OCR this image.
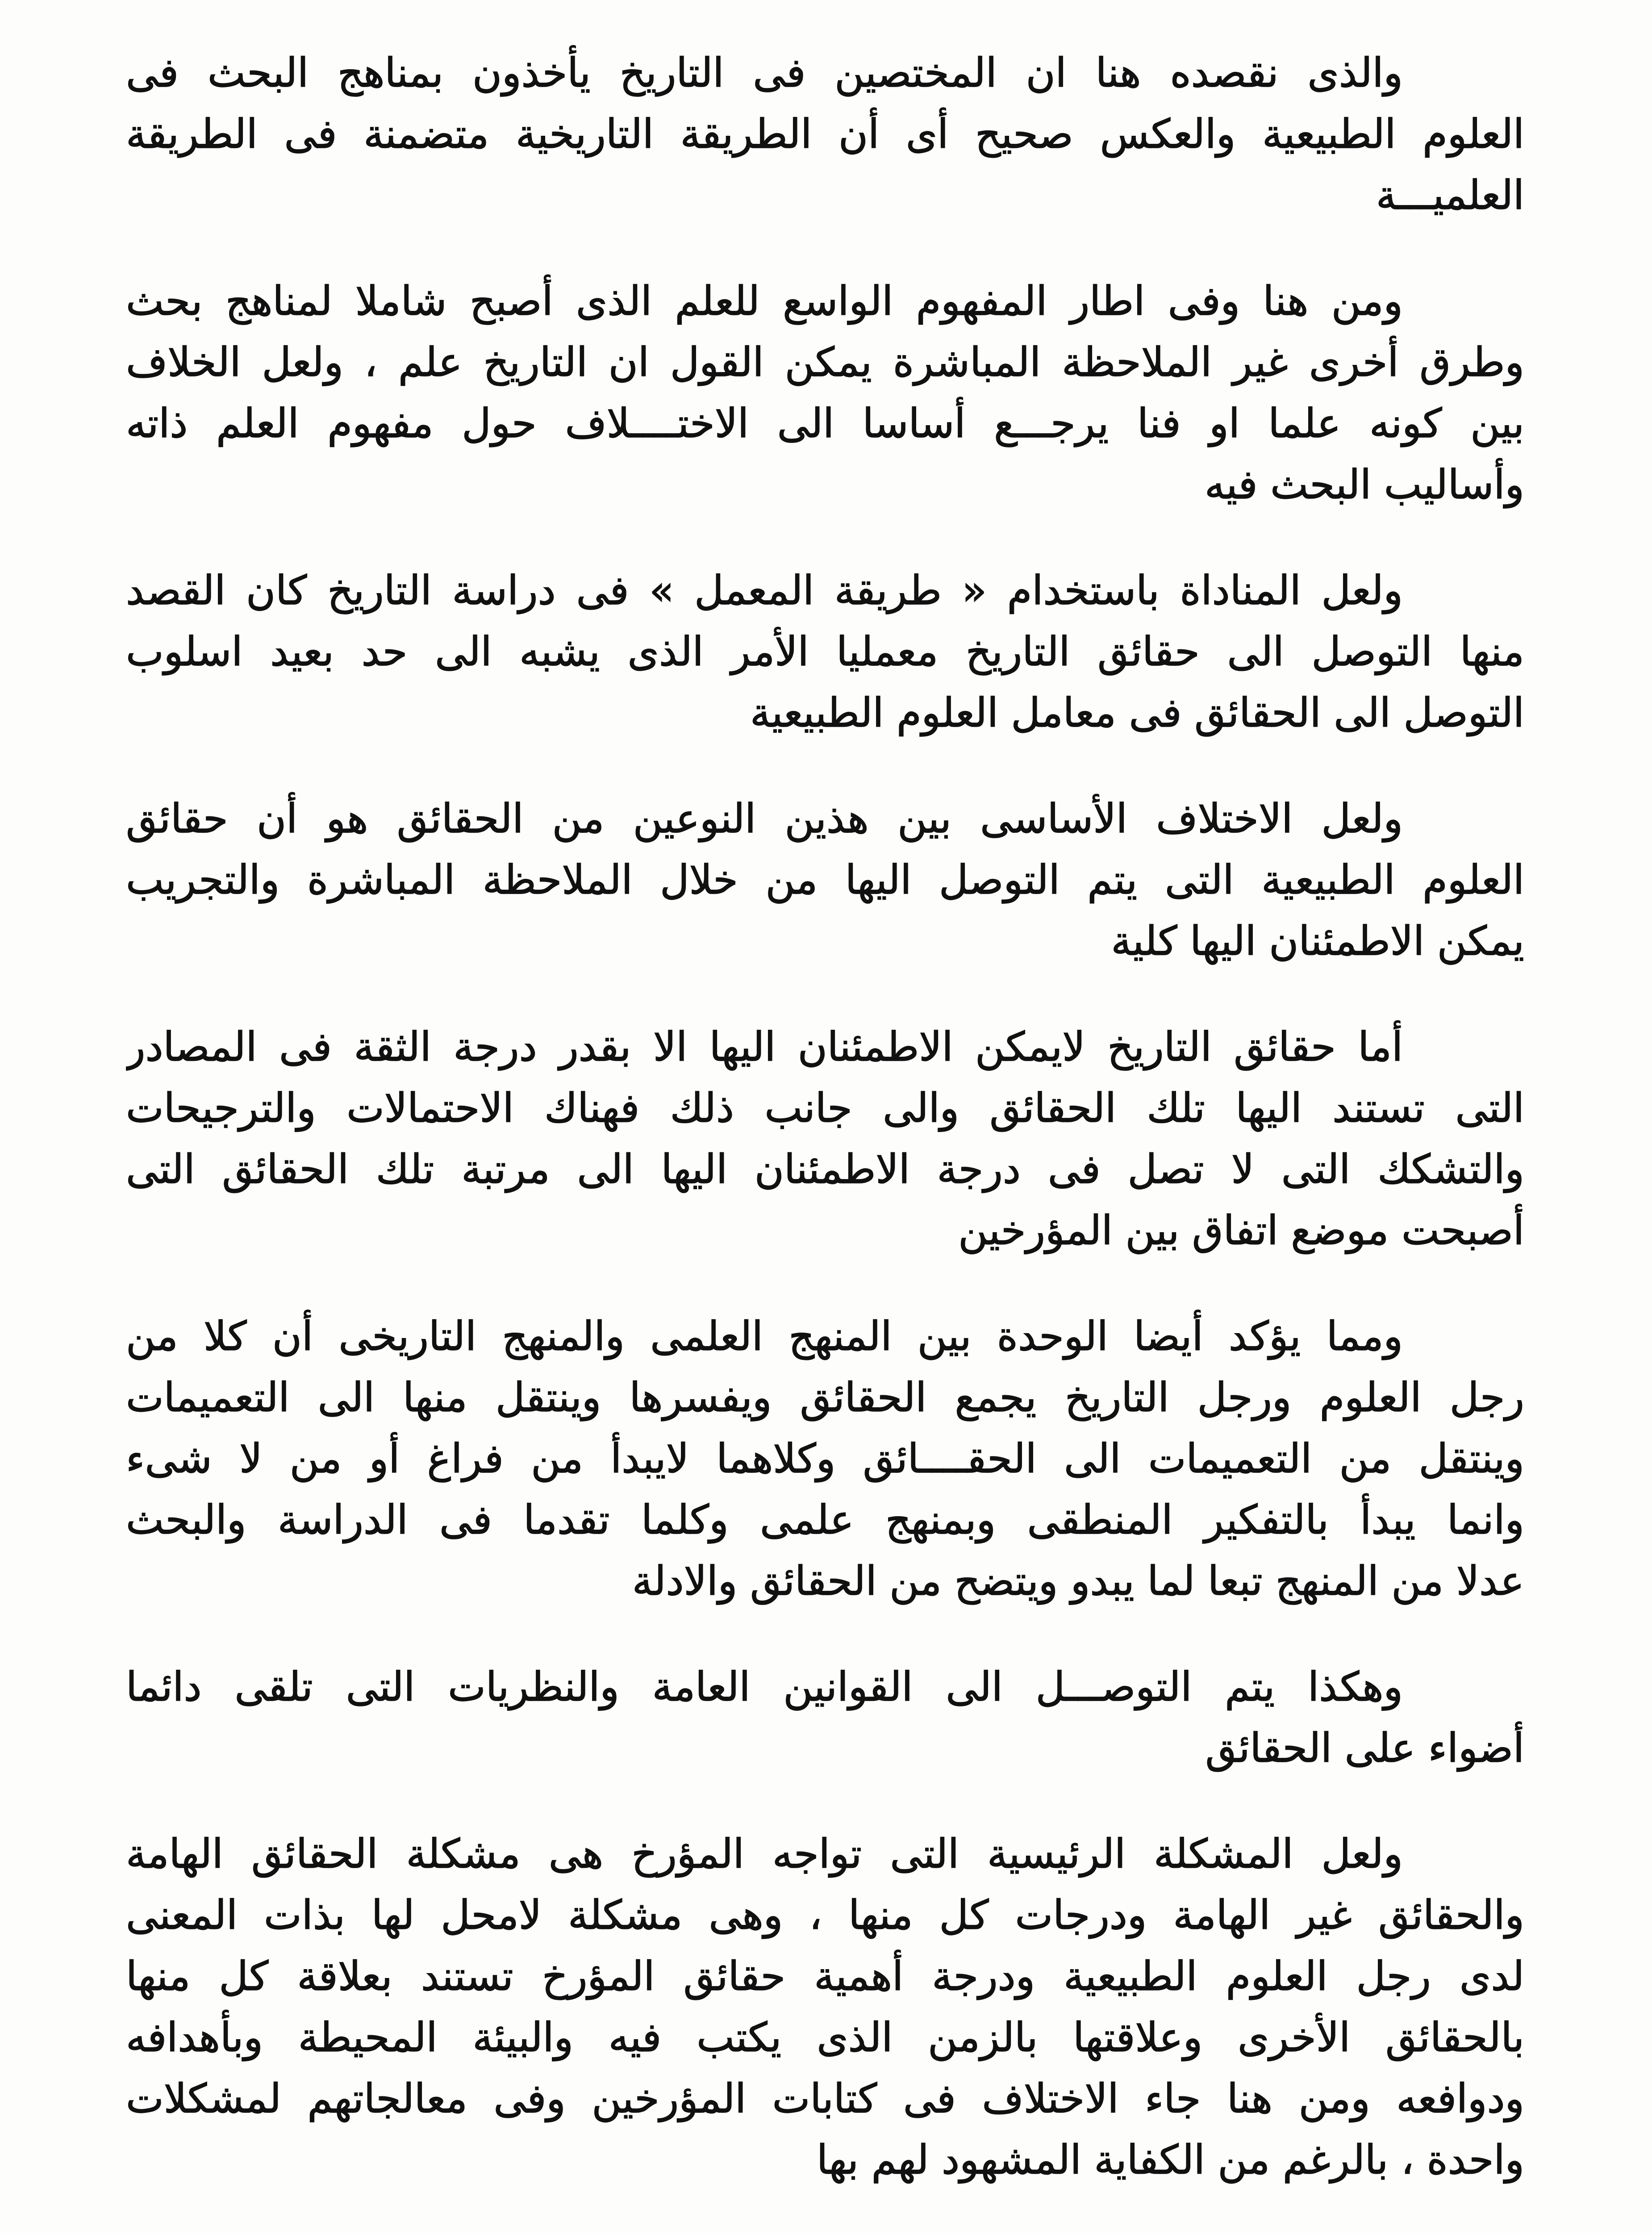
والذى نقصده هنا ان المختصين فى التاريخ يأخذون بمناهج البحث فى
العلوم الطبيعية والعكس صحيح أى أن الطريقة التاريخية متضمنة فى الطريقة
العلميـــة
ومن هنا وفى اطار المفهوم الواسع للعلم الذى أصبح شاملا لمناهج بحث
وطرق أخرى غير الملاحظة المباشرة يمكن القول ان التاريخ علم ، ولعل الخلاف
بين كونه علما او فنا يرجـــع أساسا الى الاختــــلاف حول مفهوم العلم ذاته
وأساليب البحث فيه
ولعل المناداة باستخدام « طريقة المعمل » فى دراسة التاريخ كان القصد
منها التوصل الى حقائق التاريخ معمليا الأمر الذى يشبه الى حد بعيد اسلوب
التوصل الى الحقائق فى معامل العلوم الطبيعية
ولعل الاختلاف الأساسى بين هذين النوعين من الحقائق هو أن حقائق
العلوم الطبيعية التى يتم التوصل اليها من خلال الملاحظة المباشرة والتجريب
يمكن الاطمئنان اليها كلية
أما حقائق التاريخ لايمكن الاطمئنان اليها الا بقدر درجة الثقة فى المصادر
التى تستند اليها تلك الحقائق والى جانب ذلك فهناك الاحتمالات والترجيحات
والتشكك التى لا تصل فى درجة الاطمئنان اليها الى مرتبة تلك الحقائق التى
أصبحت موضع اتفاق بين المؤرخين
ومما يؤكد أيضا الوحدة بين المنهج العلمى والمنهج التاريخى أن كلا من
رجل العلوم ورجل التاريخ يجمع الحقائق ويفسرها وينتقل منها الى التعميمات
وينتقل من التعميمات الى الحقــــائق وكلاهما لايبدأ من فراغ أو من لا شىء
وانما يبدأ بالتفكير المنطقى وبمنهج علمى وكلما تقدما فى الدراسة والبحث
عدلا من المنهج تبعا لما يبدو ويتضح من الحقائق والادلة
وهكذا يتم التوصـــل الى القوانين العامة والنظريات التى تلقى دائما
أضواء على الحقائق
ولعل المشكلة الرئيسية التى تواجه المؤرخ هى مشكلة الحقائق الهامة
والحقائق غير الهامة ودرجات كل منها ، وهى مشكلة لامحل لها بذات المعنى
لدى رجل العلوم الطبيعية ودرجة أهمية حقائق المؤرخ تستند بعلاقة كل منها
بالحقائق الأخرى وعلاقتها بالزمن الذى يكتب فيه والبيئة المحيطة وبأهدافه
ودوافعه ومن هنا جاء الاختلاف فى كتابات المؤرخين وفى معالجاتهم لمشكلات
واحدة ، بالرغم من الكفاية المشهود لهم بها
